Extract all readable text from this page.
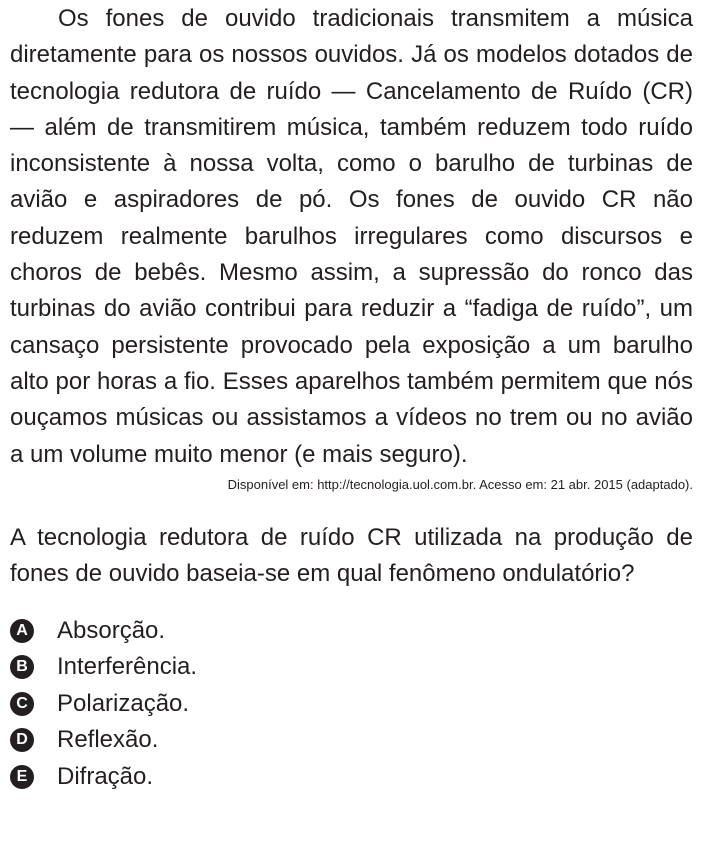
Os fones de ouvido tradicionais transmitem a música diretamente para os nossos ouvidos. Já os modelos dotados de tecnologia redutora de ruído — Cancelamento de Ruído (CR) — além de transmitirem música, também reduzem todo ruído inconsistente à nossa volta, como o barulho de turbinas de avião e aspiradores de pó. Os fones de ouvido CR não reduzem realmente barulhos irregulares como discursos e choros de bebês. Mesmo assim, a supressão do ronco das turbinas do avião contribui para reduzir a “fadiga de ruído”, um cansaço persistente provocado pela exposição a um barulho alto por horas a fio. Esses aparelhos também permitem que nós ouçamos músicas ou assistamos a vídeos no trem ou no avião a um volume muito menor (e mais seguro).

Disponível em: http://tecnologia.uol.com.br. Acesso em: 21 abr. 2015 (adaptado).

A tecnologia redutora de ruído CR utilizada na produção de fones de ouvido baseia-se em qual fenômeno ondulatório?

A Absorção.
B Interferência.
C Polarização.
D Reflexão.
E Difração.
